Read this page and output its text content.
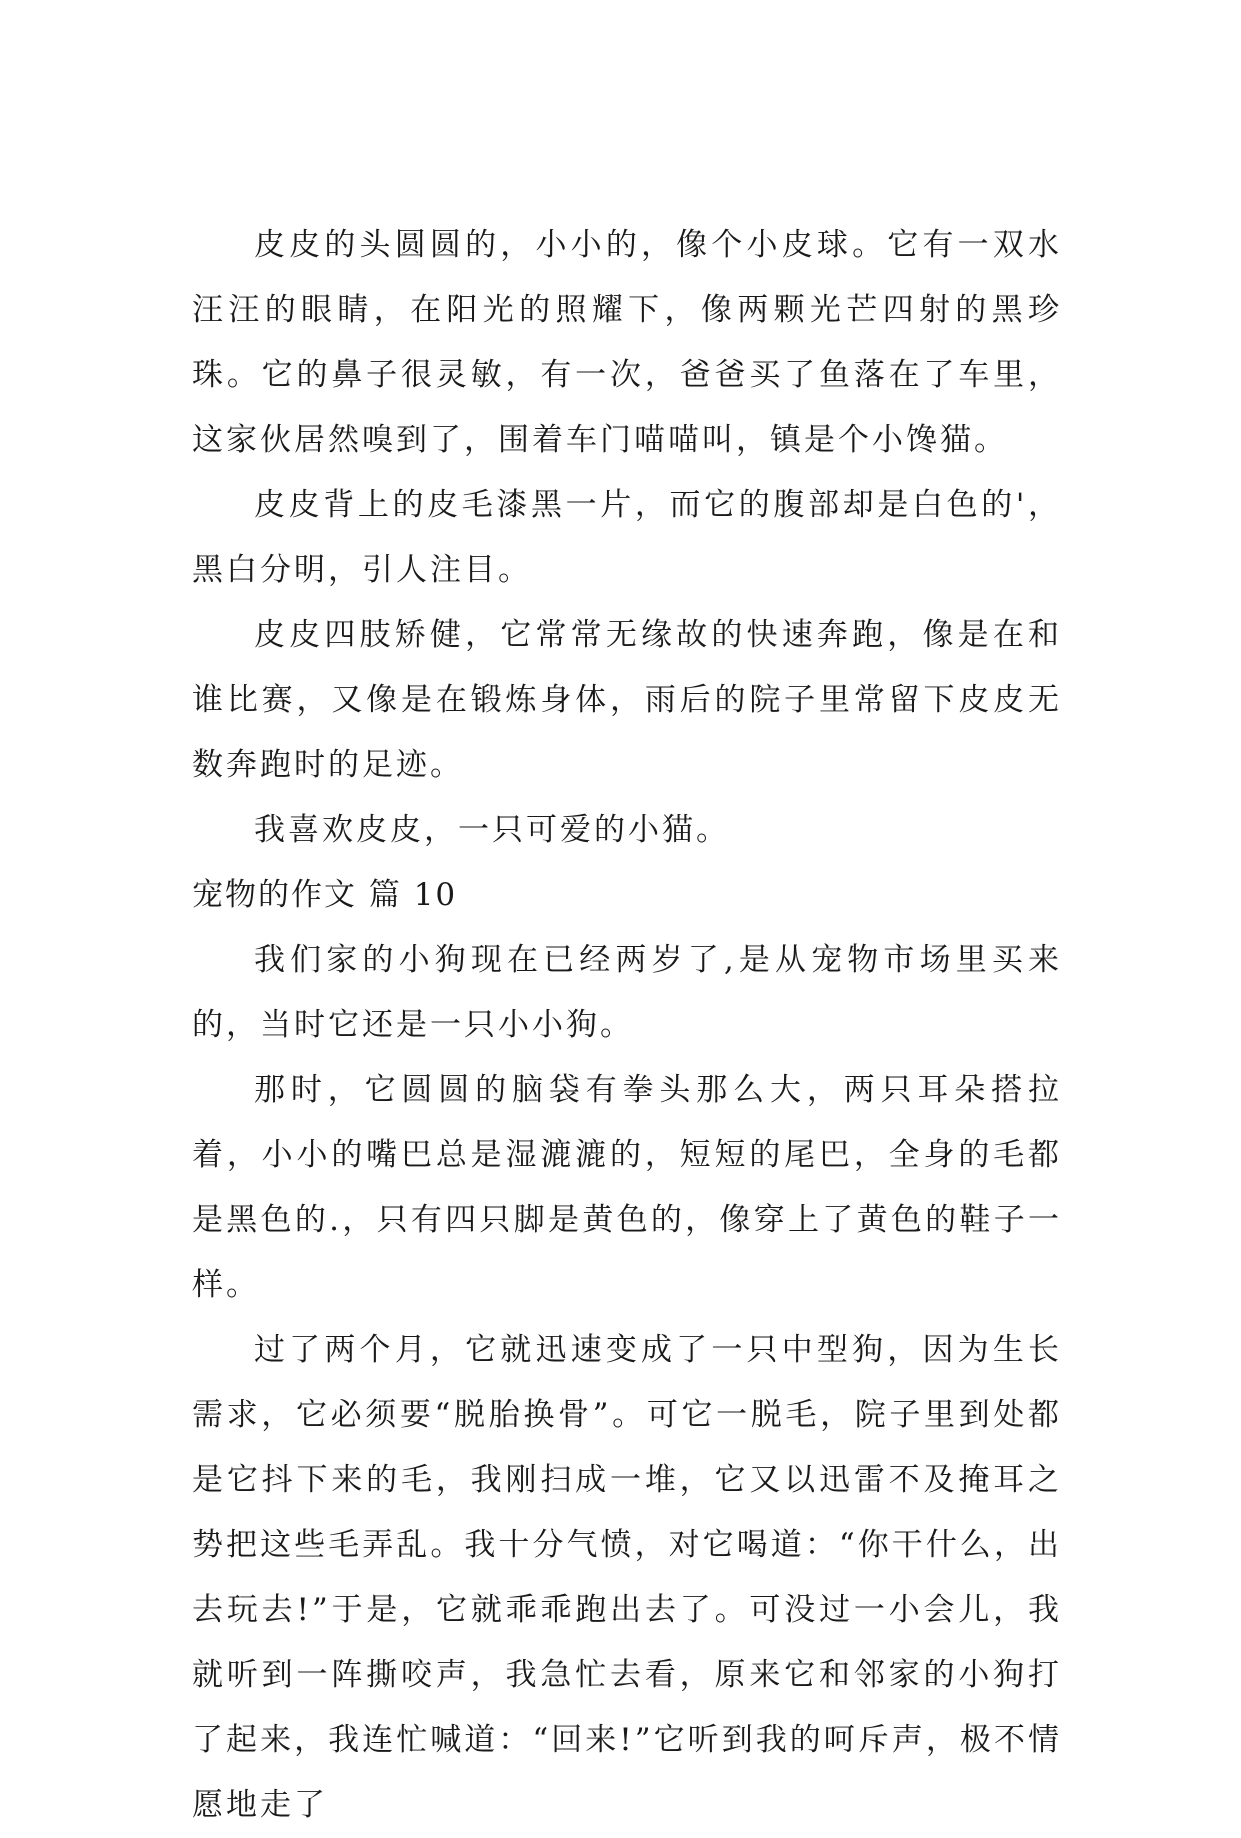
皮皮的头圆圆的，小小的，像个小皮球。它有一双水汪汪的眼睛，在阳光的照耀下，像两颗光芒四射的黑珍珠。它的鼻子很灵敏，有一次，爸爸买了鱼落在了车里，这家伙居然嗅到了，围着车门喵喵叫，镇是个小馋猫。

皮皮背上的皮毛漆黑一片，而它的腹部却是白色的'，黑白分明，引人注目。

皮皮四肢矫健，它常常无缘故的快速奔跑，像是在和谁比赛，又像是在锻炼身体，雨后的院子里常留下皮皮无数奔跑时的足迹。

我喜欢皮皮，一只可爱的小猫。

宠物的作文 篇 10

我们家的小狗现在已经两岁了,是从宠物市场里买来的，当时它还是一只小小狗。

那时，它圆圆的脑袋有拳头那么大，两只耳朵搭拉着，小小的嘴巴总是湿漉漉的，短短的尾巴，全身的毛都是黑色的.，只有四只脚是黄色的，像穿上了黄色的鞋子一样。

过了两个月，它就迅速变成了一只中型狗，因为生长需求，它必须要“脱胎换骨”。可它一脱毛，院子里到处都是它抖下来的毛，我刚扫成一堆，它又以迅雷不及掩耳之势把这些毛弄乱。我十分气愤，对它喝道：“你干什么，出去玩去!”于是，它就乖乖跑出去了。可没过一小会儿，我就听到一阵撕咬声，我急忙去看，原来它和邻家的小狗打了起来，我连忙喊道：“回来!”它听到我的呵斥声，极不情愿地走了
